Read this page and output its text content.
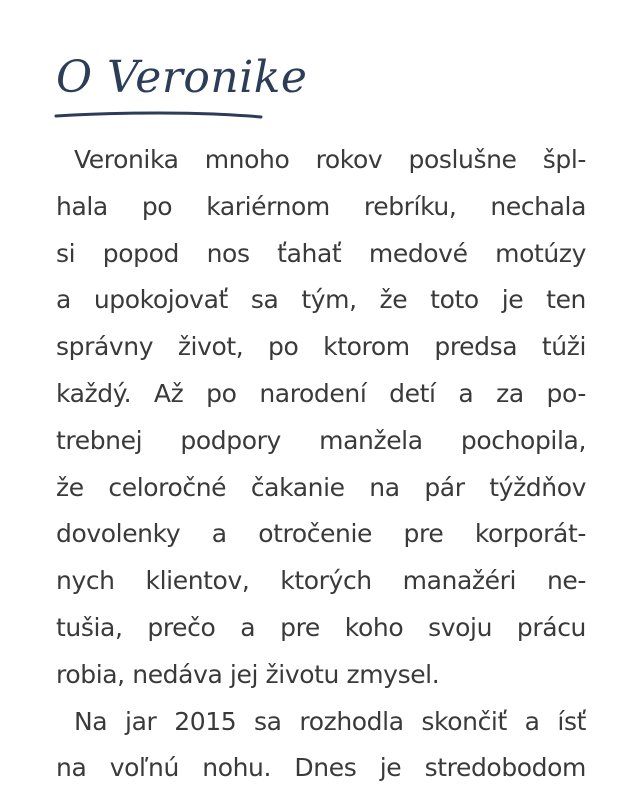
O Veronike

Veronika mnoho rokov poslušne špl-
hala po kariérnom rebríku, nechala
si popod nos ťahať medové motúzy
a upokojovať sa tým, že toto je ten
správny život, po ktorom predsa túži
každý. Až po narodení detí a za po-
trebnej podpory manžela pochopila,
že celoročné čakanie na pár týždňov
dovolenky a otročenie pre korporát-
nych klientov, ktorých manažéri ne-
tušia, prečo a pre koho svoju prácu
robia, nedáva jej životu zmysel.

Na jar 2015 sa rozhodla skončiť a ísť
na voľnú nohu. Dnes je stredobodom
